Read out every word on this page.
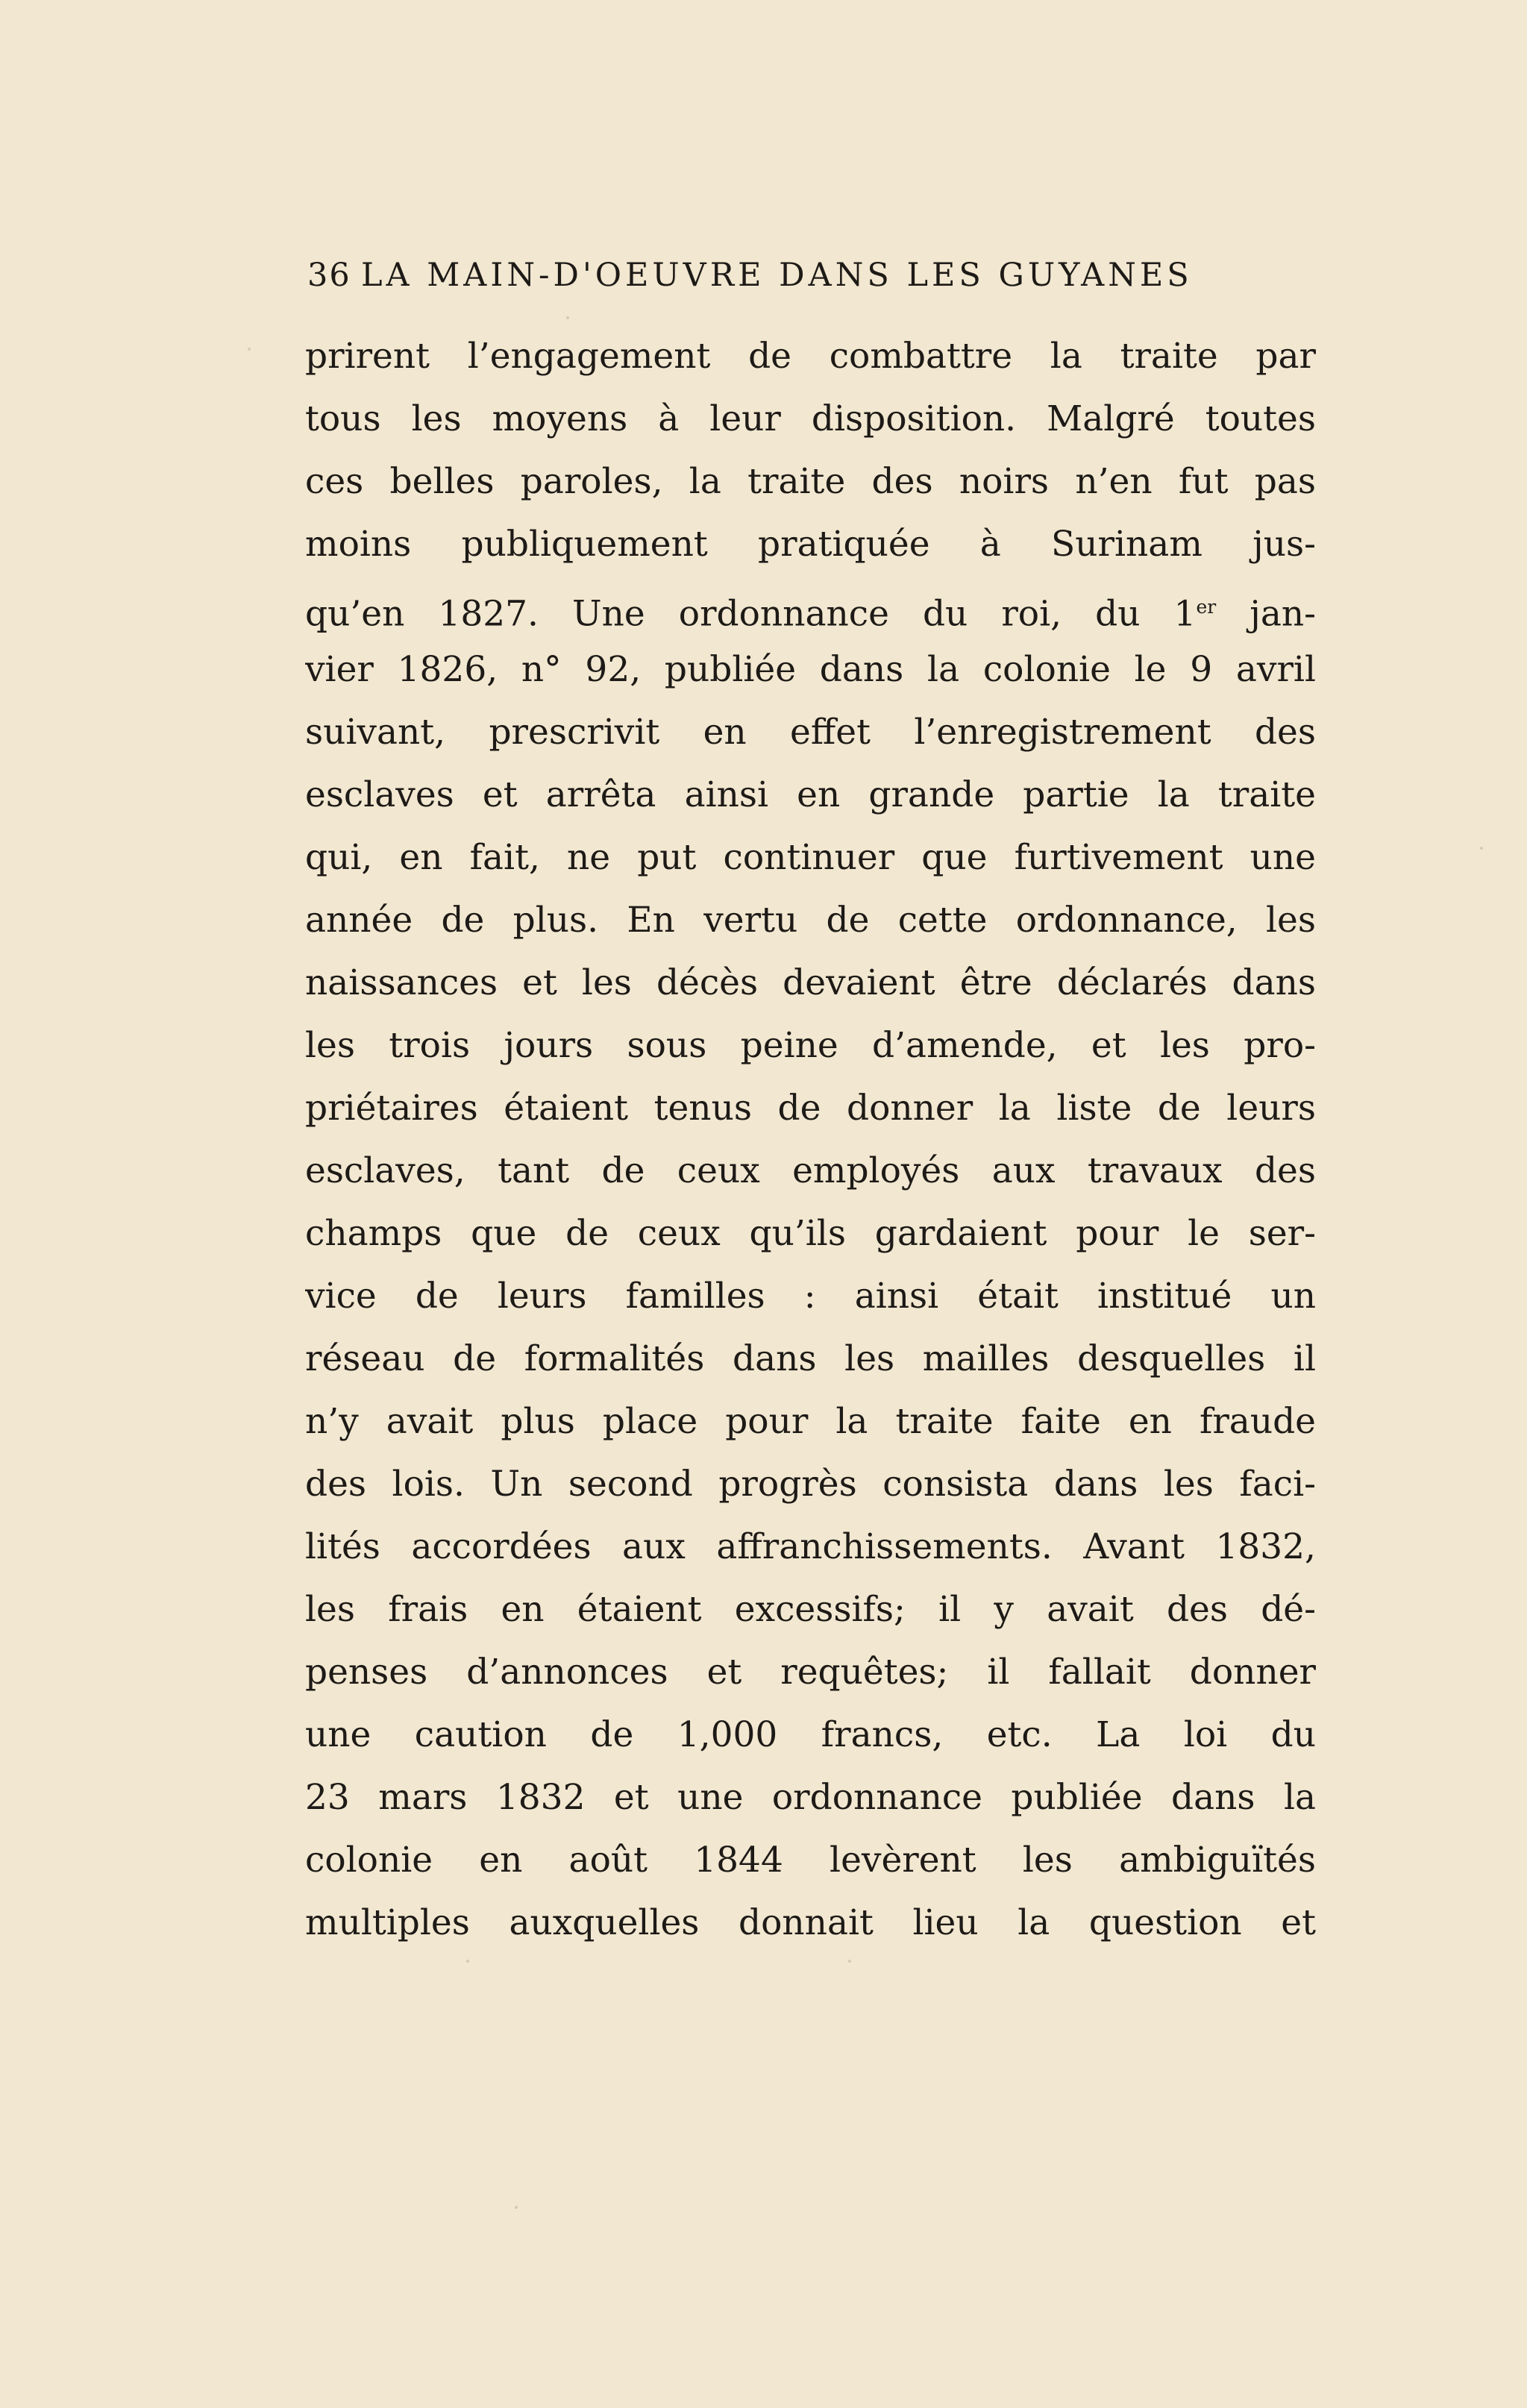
36 LA MAIN-D'OEUVRE DANS LES GUYANES
prirent l’engagement de combattre la traite par
tous les moyens à leur disposition. Malgré toutes
ces belles paroles, la traite des noirs n’en fut pas
moins publiquement pratiquée à Surinam jus-
qu’en 1827. Une ordonnance du roi, du 1er jan-
vier 1826, n° 92, publiée dans la colonie le 9 avril
suivant, prescrivit en effet l’enregistrement des
esclaves et arrêta ainsi en grande partie la traite
qui, en fait, ne put continuer que furtivement une
année de plus. En vertu de cette ordonnance, les
naissances et les décès devaient être déclarés dans
les trois jours sous peine d’amende, et les pro-
priétaires étaient tenus de donner la liste de leurs
esclaves, tant de ceux employés aux travaux des
champs que de ceux qu’ils gardaient pour le ser-
vice de leurs familles : ainsi était institué un
réseau de formalités dans les mailles desquelles il
n’y avait plus place pour la traite faite en fraude
des lois. Un second progrès consista dans les faci-
lités accordées aux affranchissements. Avant 1832,
les frais en étaient excessifs; il y avait des dé-
penses d’annonces et requêtes; il fallait donner
une caution de 1,000 francs, etc. La loi du
23 mars 1832 et une ordonnance publiée dans la
colonie en août 1844 levèrent les ambiguïtés
multiples auxquelles donnait lieu la question et
